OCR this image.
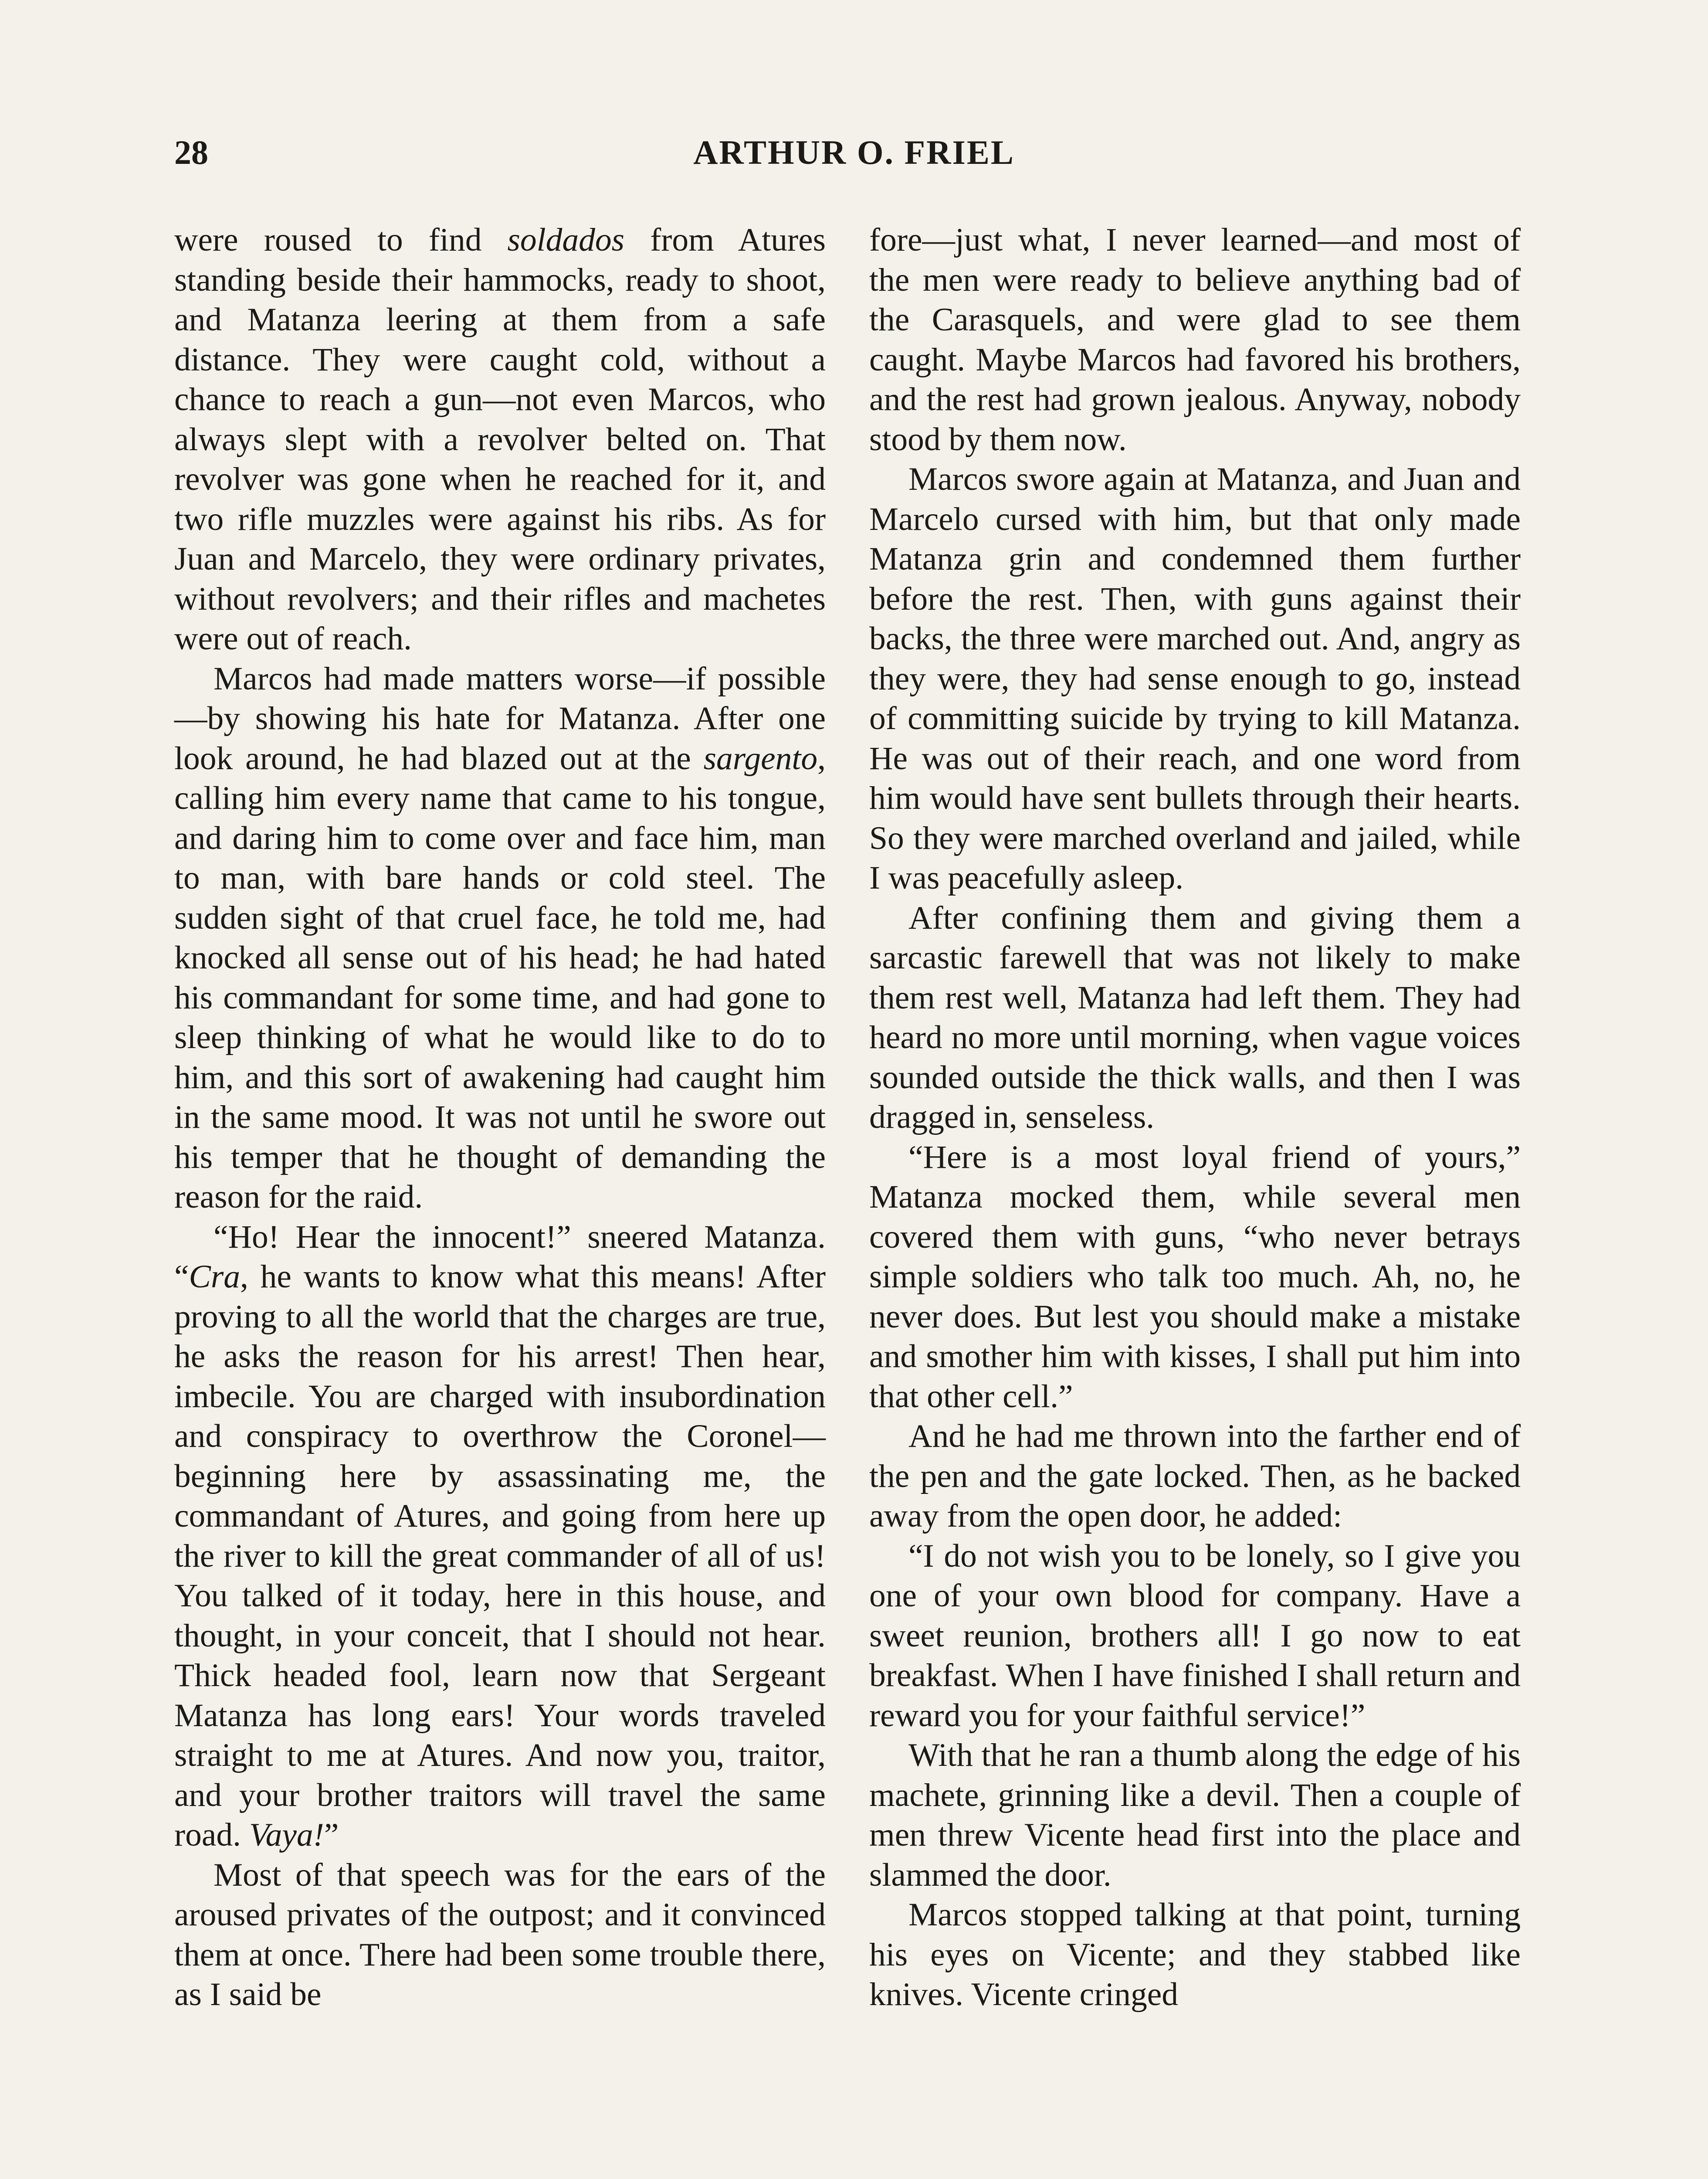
28	ARTHUR O. FRIEL

were roused to find soldados from Atures standing beside their hammocks, ready to shoot, and Matanza leering at them from a safe distance. They were caught cold, without a chance to reach a gun—not even Marcos, who always slept with a revolver belted on. That revolver was gone when he reached for it, and two rifle muzzles were against his ribs. As for Juan and Marcelo, they were ordinary privates, without revolvers; and their rifles and machetes were out of reach.

Marcos had made matters worse—if possible—by showing his hate for Matanza. After one look around, he had blazed out at the sargento, calling him every name that came to his tongue, and daring him to come over and face him, man to man, with bare hands or cold steel. The sudden sight of that cruel face, he told me, had knocked all sense out of his head; he had hated his commandant for some time, and had gone to sleep thinking of what he would like to do to him, and this sort of awakening had caught him in the same mood. It was not until he swore out his temper that he thought of demanding the reason for the raid.

“Ho! Hear the innocent!” sneered Matanza. “Cra, he wants to know what this means! After proving to all the world that the charges are true, he asks the reason for his arrest! Then hear, imbecile. You are charged with insubordination and conspiracy to overthrow the Coronel—beginning here by assassinating me, the commandant of Atures, and going from here up the river to kill the great commander of all of us! You talked of it today, here in this house, and thought, in your conceit, that I should not hear. Thick headed fool, learn now that Sergeant Matanza has long ears! Your words traveled straight to me at Atures. And now you, traitor, and your brother traitors will travel the same road. Vaya!”

Most of that speech was for the ears of the aroused privates of the outpost; and it convinced them at once. There had been some trouble there, as I said be

fore—just what, I never learned—and most of the men were ready to believe anything bad of the Carasquels, and were glad to see them caught. Maybe Marcos had favored his brothers, and the rest had grown jealous. Anyway, nobody stood by them now.

Marcos swore again at Matanza, and Juan and Marcelo cursed with him, but that only made Matanza grin and condemned them further before the rest. Then, with guns against their backs, the three were marched out. And, angry as they were, they had sense enough to go, instead of committing suicide by trying to kill Matanza. He was out of their reach, and one word from him would have sent bullets through their hearts. So they were marched overland and jailed, while I was peacefully asleep.

After confining them and giving them a sarcastic farewell that was not likely to make them rest well, Matanza had left them. They had heard no more until morning, when vague voices sounded outside the thick walls, and then I was dragged in, senseless.

“Here is a most loyal friend of yours,” Matanza mocked them, while several men covered them with guns, “who never betrays simple soldiers who talk too much. Ah, no, he never does. But lest you should make a mistake and smother him with kisses, I shall put him into that other cell.”

And he had me thrown into the farther end of the pen and the gate locked. Then, as he backed away from the open door, he added:

“I do not wish you to be lonely, so I give you one of your own blood for company. Have a sweet reunion, brothers all! I go now to eat breakfast. When I have finished I shall return and reward you for your faithful service!”

With that he ran a thumb along the edge of his machete, grinning like a devil. Then a couple of men threw Vicente head first into the place and slammed the door.

Marcos stopped talking at that point, turning his eyes on Vicente; and they stabbed like knives. Vicente cringed
